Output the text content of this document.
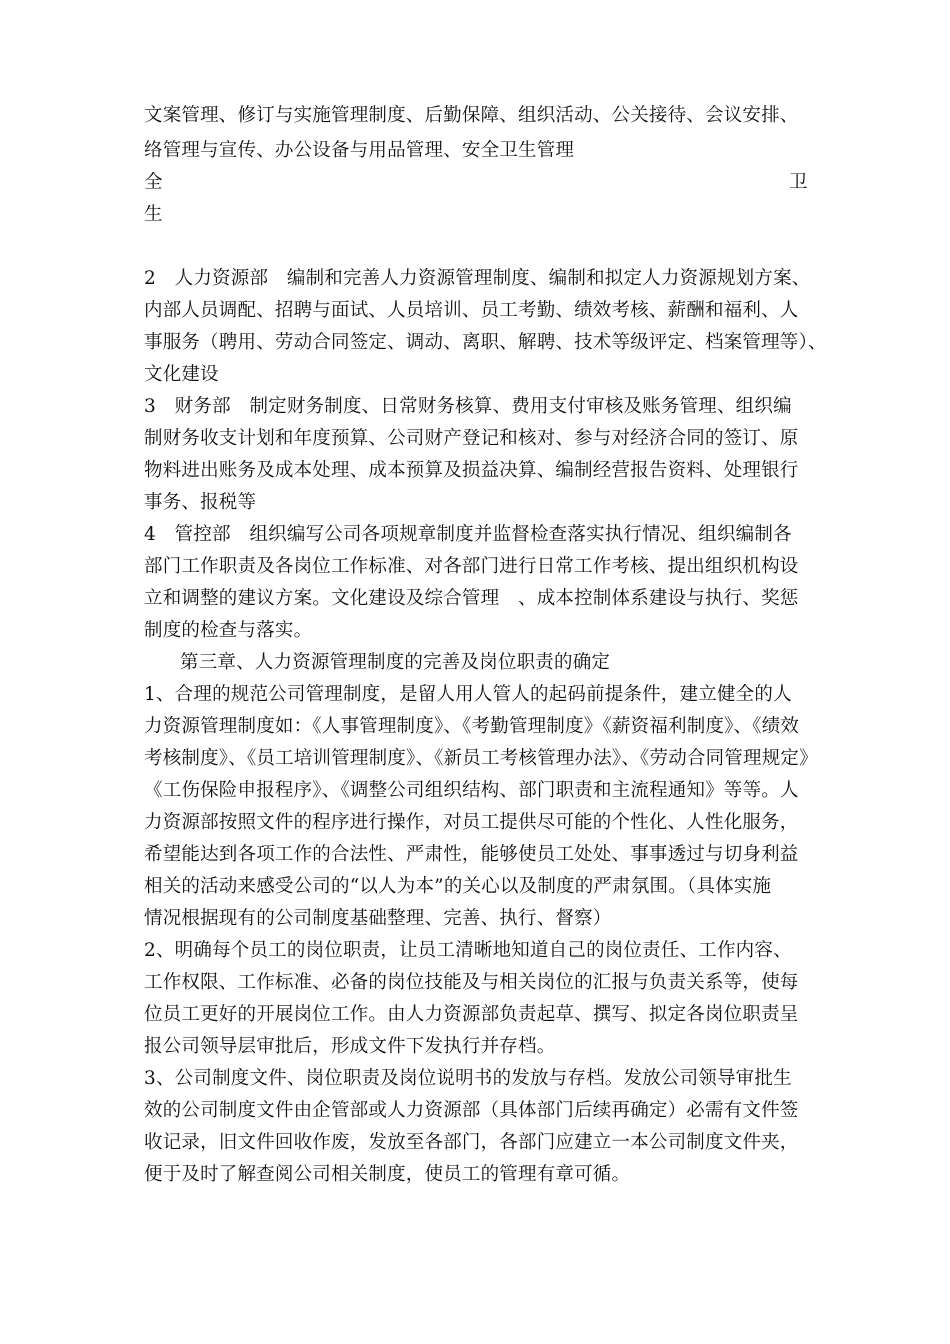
文案管理、修订与实施管理制度、后勤保障、组织活动、公关接待、会议安排、
络管理与宣传、办公设备与用品管理、安全卫生管理
全	卫
生
2　人力资源部　编制和完善人力资源管理制度、编制和拟定人力资源规划方案、
内部人员调配、招聘与面试、人员培训、员工考勤、绩效考核、薪酬和福利、人
事服务（聘用、劳动合同签定、调动、离职、解聘、技术等级评定、档案管理等）、
文化建设
3　财务部　制定财务制度、日常财务核算、费用支付审核及账务管理、组织编
制财务收支计划和年度预算、公司财产登记和核对、参与对经济合同的签订、原
物料进出账务及成本处理、成本预算及损益决算、编制经营报告资料、处理银行
事务、报税等
4　管控部　组织编写公司各项规章制度并监督检查落实执行情况、组织编制各
部门工作职责及各岗位工作标准、对各部门进行日常工作考核、提出组织机构设
立和调整的建议方案。文化建设及综合管理　、成本控制体系建设与执行、奖惩
制度的检查与落实。
第三章、人力资源管理制度的完善及岗位职责的确定
1、合理的规范公司管理制度，是留人用人管人的起码前提条件，建立健全的人
力资源管理制度如：《人事管理制度》、《考勤管理制度》《薪资福利制度》、《绩效
考核制度》、《员工培训管理制度》、《新员工考核管理办法》、《劳动合同管理规定》
《工伤保险申报程序》、《调整公司组织结构、部门职责和主流程通知》等等。人
力资源部按照文件的程序进行操作，对员工提供尽可能的个性化、人性化服务，
希望能达到各项工作的合法性、严肃性，能够使员工处处、事事透过与切身利益
相关的活动来感受公司的“以人为本”的关心以及制度的严肃氛围。（具体实施
情况根据现有的公司制度基础整理、完善、执行、督察）
2、明确每个员工的岗位职责，让员工清晰地知道自己的岗位责任、工作内容、
工作权限、工作标准、必备的岗位技能及与相关岗位的汇报与负责关系等，使每
位员工更好的开展岗位工作。由人力资源部负责起草、撰写、拟定各岗位职责呈
报公司领导层审批后，形成文件下发执行并存档。
3、公司制度文件、岗位职责及岗位说明书的发放与存档。发放公司领导审批生
效的公司制度文件由企管部或人力资源部（具体部门后续再确定）必需有文件签
收记录，旧文件回收作废，发放至各部门，各部门应建立一本公司制度文件夹，
便于及时了解查阅公司相关制度，使员工的管理有章可循。
